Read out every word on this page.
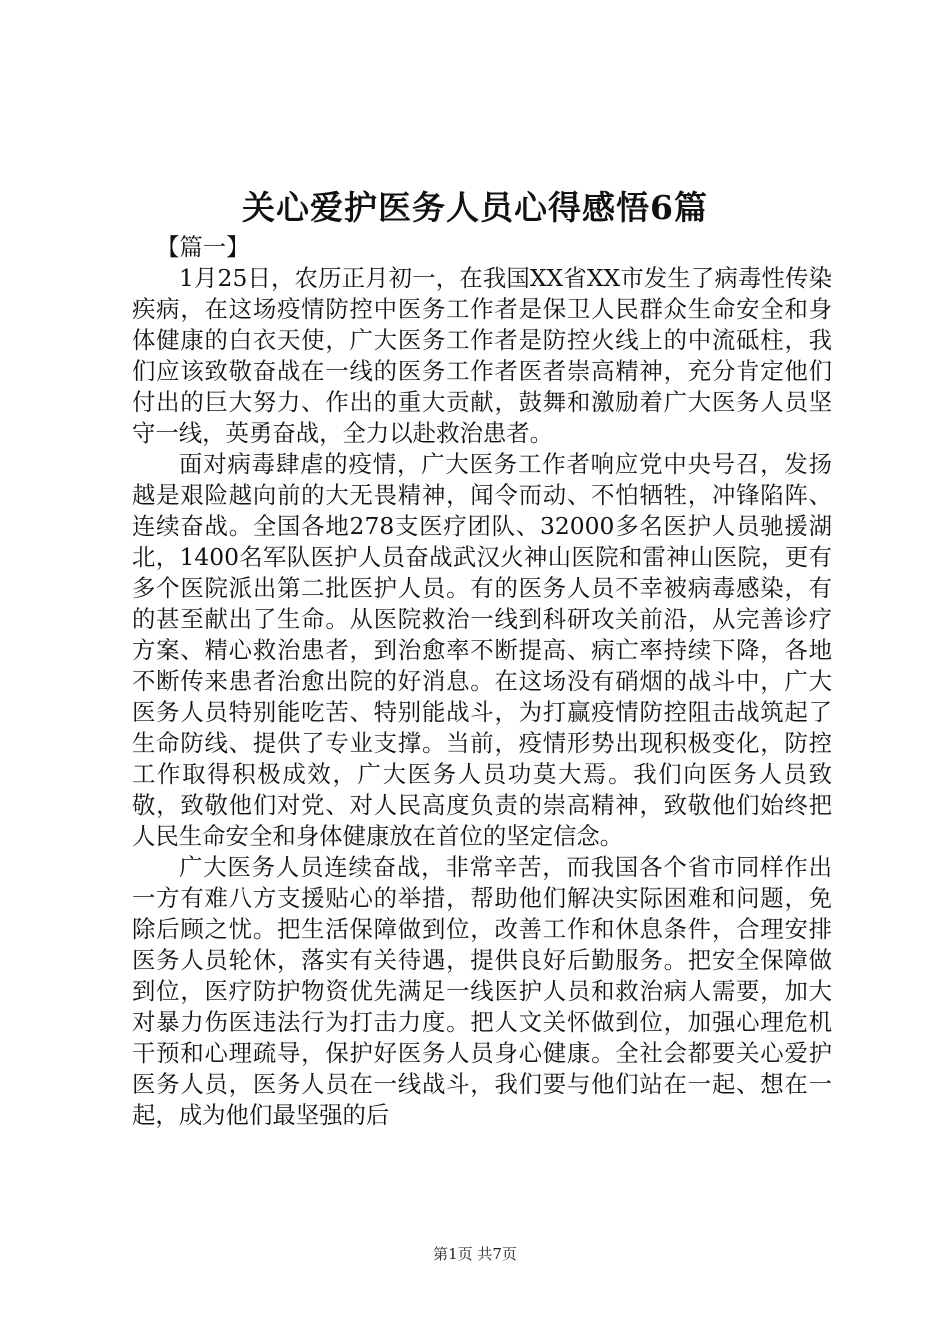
关心爱护医务人员心得感悟6篇

【篇一】

1月25日，农历正月初一，在我国XX省XX市发生了病毒性传染疾病，在这场疫情防控中医务工作者是保卫人民群众生命安全和身体健康的白衣天使，广大医务工作者是防控火线上的中流砥柱，我们应该致敬奋战在一线的医务工作者医者崇高精神，充分肯定他们付出的巨大努力、作出的重大贡献，鼓舞和激励着广大医务人员坚守一线，英勇奋战，全力以赴救治患者。

面对病毒肆虐的疫情，广大医务工作者响应党中央号召，发扬越是艰险越向前的大无畏精神，闻令而动、不怕牺牲，冲锋陷阵、连续奋战。全国各地278支医疗团队、32000多名医护人员驰援湖北，1400名军队医护人员奋战武汉火神山医院和雷神山医院，更有多个医院派出第二批医护人员。有的医务人员不幸被病毒感染，有的甚至献出了生命。从医院救治一线到科研攻关前沿，从完善诊疗方案、精心救治患者，到治愈率不断提高、病亡率持续下降，各地不断传来患者治愈出院的好消息。在这场没有硝烟的战斗中，广大医务人员特别能吃苦、特别能战斗，为打赢疫情防控阻击战筑起了生命防线、提供了专业支撑。当前，疫情形势出现积极变化，防控工作取得积极成效，广大医务人员功莫大焉。我们向医务人员致敬，致敬他们对党、对人民高度负责的崇高精神，致敬他们始终把人民生命安全和身体健康放在首位的坚定信念。

广大医务人员连续奋战，非常辛苦，而我国各个省市同样作出一方有难八方支援贴心的举措，帮助他们解决实际困难和问题，免除后顾之忧。把生活保障做到位，改善工作和休息条件，合理安排医务人员轮休，落实有关待遇，提供良好后勤服务。把安全保障做到位，医疗防护物资优先满足一线医护人员和救治病人需要，加大对暴力伤医违法行为打击力度。把人文关怀做到位，加强心理危机干预和心理疏导，保护好医务人员身心健康。全社会都要关心爱护医务人员，医务人员在一线战斗，我们要与他们站在一起、想在一起，成为他们最坚强的后

第1页 共7页
